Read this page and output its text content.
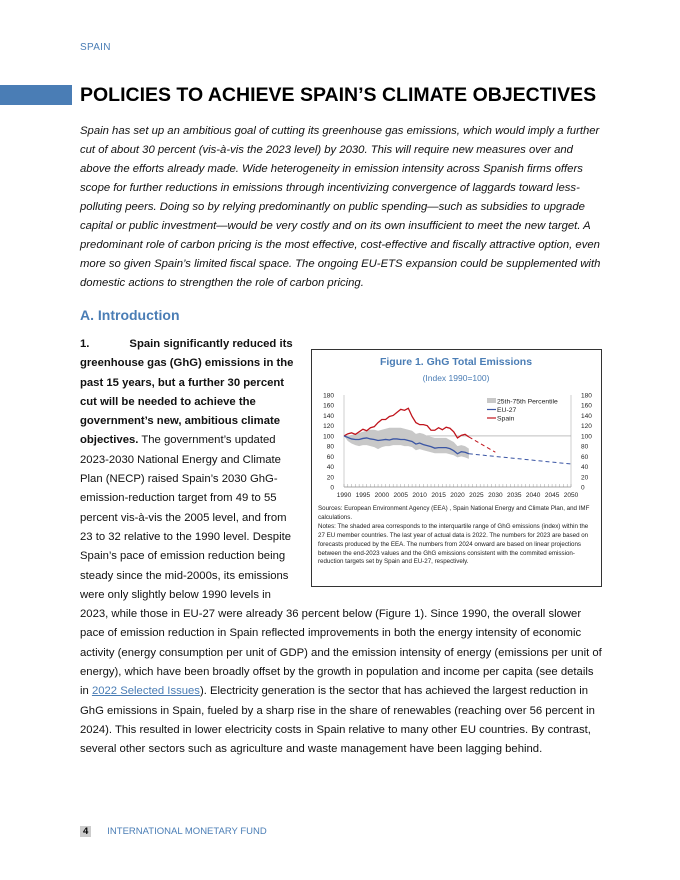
SPAIN
POLICIES TO ACHIEVE SPAIN’S CLIMATE OBJECTIVES
Spain has set up an ambitious goal of cutting its greenhouse gas emissions, which would imply a further cut of about 30 percent (vis-à-vis the 2023 level) by 2030. This will require new measures over and above the efforts already made. Wide heterogeneity in emission intensity across Spanish firms offers scope for further reductions in emissions through incentivizing convergence of laggards toward less-polluting peers. Doing so by relying predominantly on public spending—such as subsidies to upgrade capital or public investment—would be very costly and on its own insufficient to meet the new target. A predominant role of carbon pricing is the most effective, cost-effective and fiscally attractive option, even more so given Spain’s limited fiscal space. The ongoing EU-ETS expansion could be supplemented with domestic actions to strengthen the role of carbon pricing.
A. Introduction
Figure 1. GhG Total Emissions
(Index 1990=100)
0	0
20	20
40	40
60	60
80	80
100	100
120	120
140	140
160	160
180	180
1990 1995 2000 2005 2010 2015 2020 2025 2030 2035 2040 2045 2050
25th-75th Percentile
EU-27
Spain
Sources: European Environment Agency (EEA) , Spain National Energy and Climate Plan, and IMF calculations.
Notes: The shaded area corresponds to the interquartile range of GhG emissions (index) within the 27 EU member countries. The last year of actual data is 2022. The numbers for 2023 are based on forecasts produced by the EEA. The numbers from 2024 onward are based on linear projections between the end-2023 values and the GhG emissions consistent with the commited emission-reduction targets set by Spain and EU-27, respectively.
1.	Spain significantly reduced its greenhouse gas (GhG) emissions in the past 15 years, but a further 30 percent cut will be needed to achieve the government’s new, ambitious climate objectives. The government’s updated 2023-2030 National Energy and Climate Plan (NECP) raised Spain’s 2030 GhG-emission-reduction target from 49 to 55 percent vis-à-vis the 2005 level, and from 23 to 32 relative to the 1990 level. Despite Spain’s pace of emission reduction being steady since the mid-2000s, its emissions were only slightly below 1990 levels in 2023, while those in EU-27 were already 36 percent below (Figure 1). Since 1990, the overall slower pace of emission reduction in Spain reflected improvements in both the energy intensity of economic activity (energy consumption per unit of GDP) and the emission intensity of energy (emissions per unit of energy), which have been broadly offset by the growth in population and income per capita (see details in 2022 Selected Issues). Electricity generation is the sector that has achieved the largest reduction in GhG emissions in Spain, fueled by a sharp rise in the share of renewables (reaching over 56 percent in 2024). This resulted in lower electricity costs in Spain relative to many other EU countries. By contrast, several other sectors such as agriculture and waste management have been lagging behind.
4 INTERNATIONAL MONETARY FUND
